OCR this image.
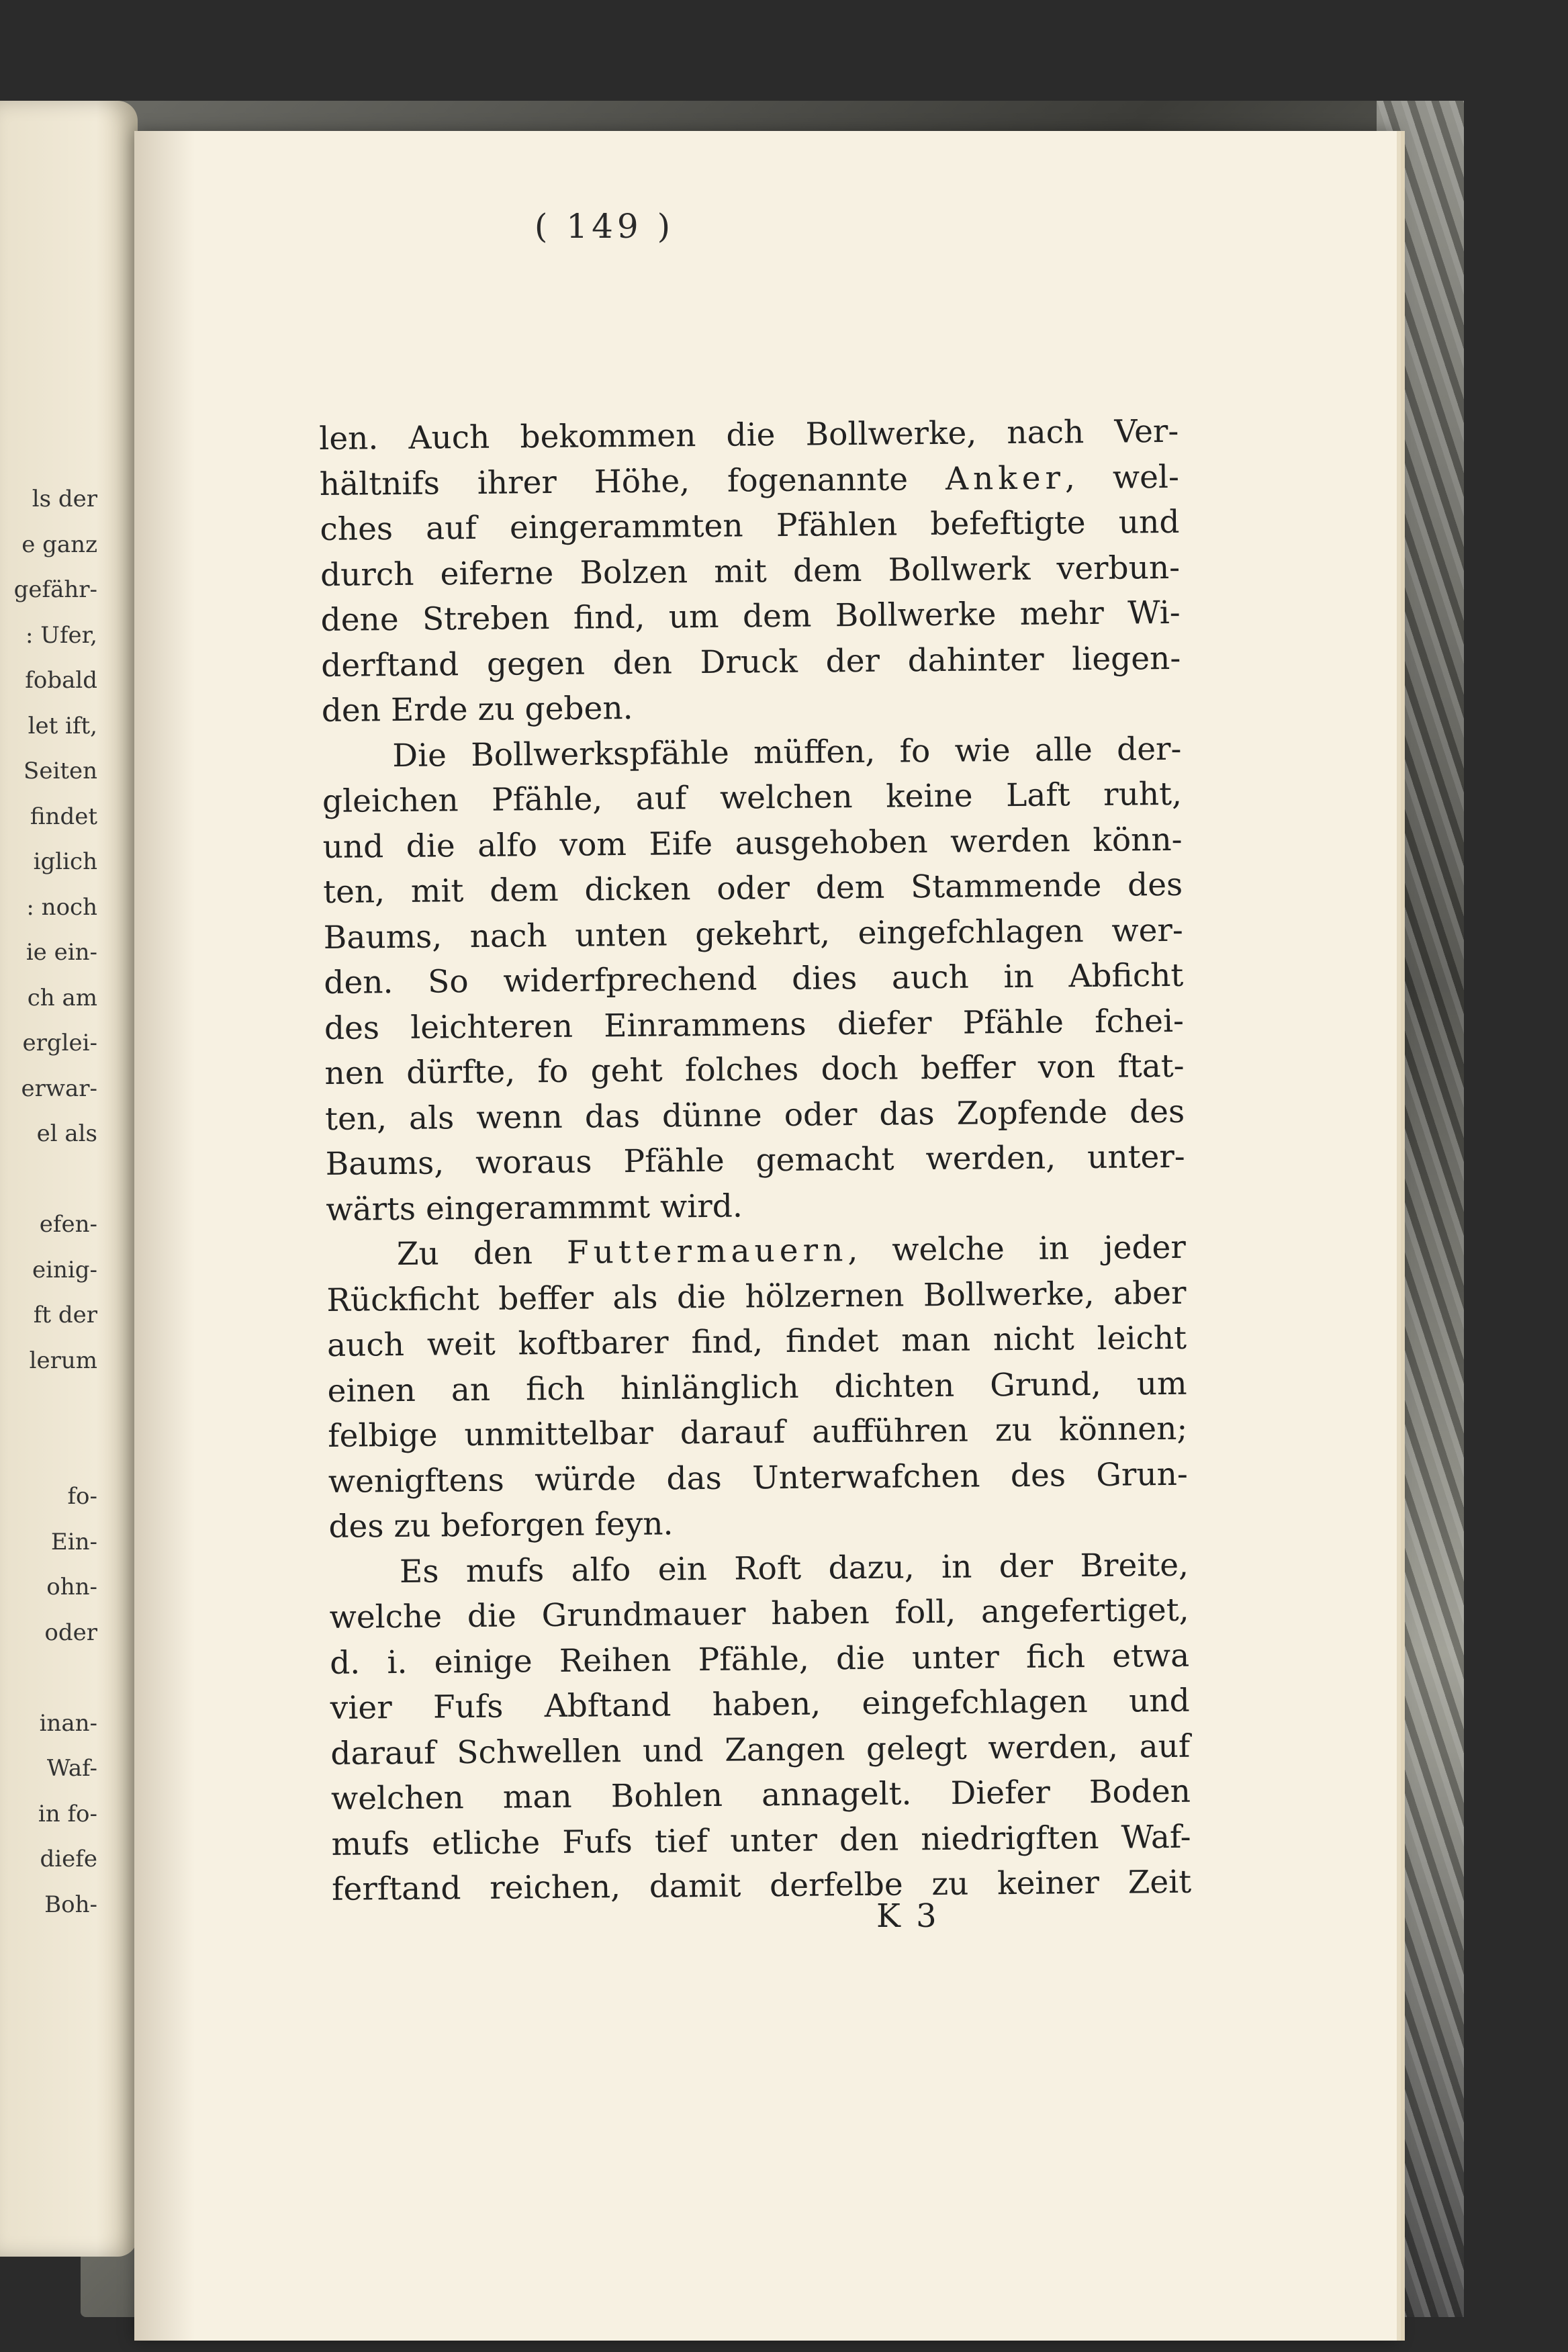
ls der
e ganz
gefähr-
: Ufer,
fobald
let ift,
Seiten
findet
iglich
: noch
ie ein-
ch am
erglei-
erwar-
el als
efen-
einig-
ft der
lerum
fo-
Ein-
ohn-
oder
inan-
Waf-
in fo-
diefe
Boh-
( 149 )
len. Auch bekommen die Bollwerke, nach Ver-
hältnifs ihrer Höhe, fogenannte Anker, wel-
ches auf eingerammten Pfählen befeftigte und
durch eiferne Bolzen mit dem Bollwerk verbun-
dene Streben find, um dem Bollwerke mehr Wi-
derftand gegen den Druck der dahinter liegen-
den Erde zu geben.
Die Bollwerkspfähle müffen, fo wie alle der-
gleichen Pfähle, auf welchen keine Laft ruht,
und die alfo vom Eife ausgehoben werden könn-
ten, mit dem dicken oder dem Stammende des
Baums, nach unten gekehrt, eingefchlagen wer-
den. So widerfprechend dies auch in Abficht
des leichteren Einrammens diefer Pfähle fchei-
nen dürfte, fo geht folches doch beffer von ftat-
ten, als wenn das dünne oder das Zopfende des
Baums, woraus Pfähle gemacht werden, unter-
wärts eingerammmt wird.
Zu den Futtermauern, welche in jeder
Rückficht beffer als die hölzernen Bollwerke, aber
auch weit koftbarer find, findet man nicht leicht
einen an fich hinlänglich dichten Grund, um
felbige unmittelbar darauf aufführen zu können;
wenigftens würde das Unterwafchen des Grun-
des zu beforgen feyn.
Es mufs alfo ein Roft dazu, in der Breite,
welche die Grundmauer haben foll, angefertiget,
d. i. einige Reihen Pfähle, die unter fich etwa
vier Fufs Abftand haben, eingefchlagen und
darauf Schwellen und Zangen gelegt werden, auf
welchen man Bohlen annagelt. Diefer Boden
mufs etliche Fufs tief unter den niedrigften Waf-
ferftand reichen, damit derfelbe zu keiner Zeit
K 3
